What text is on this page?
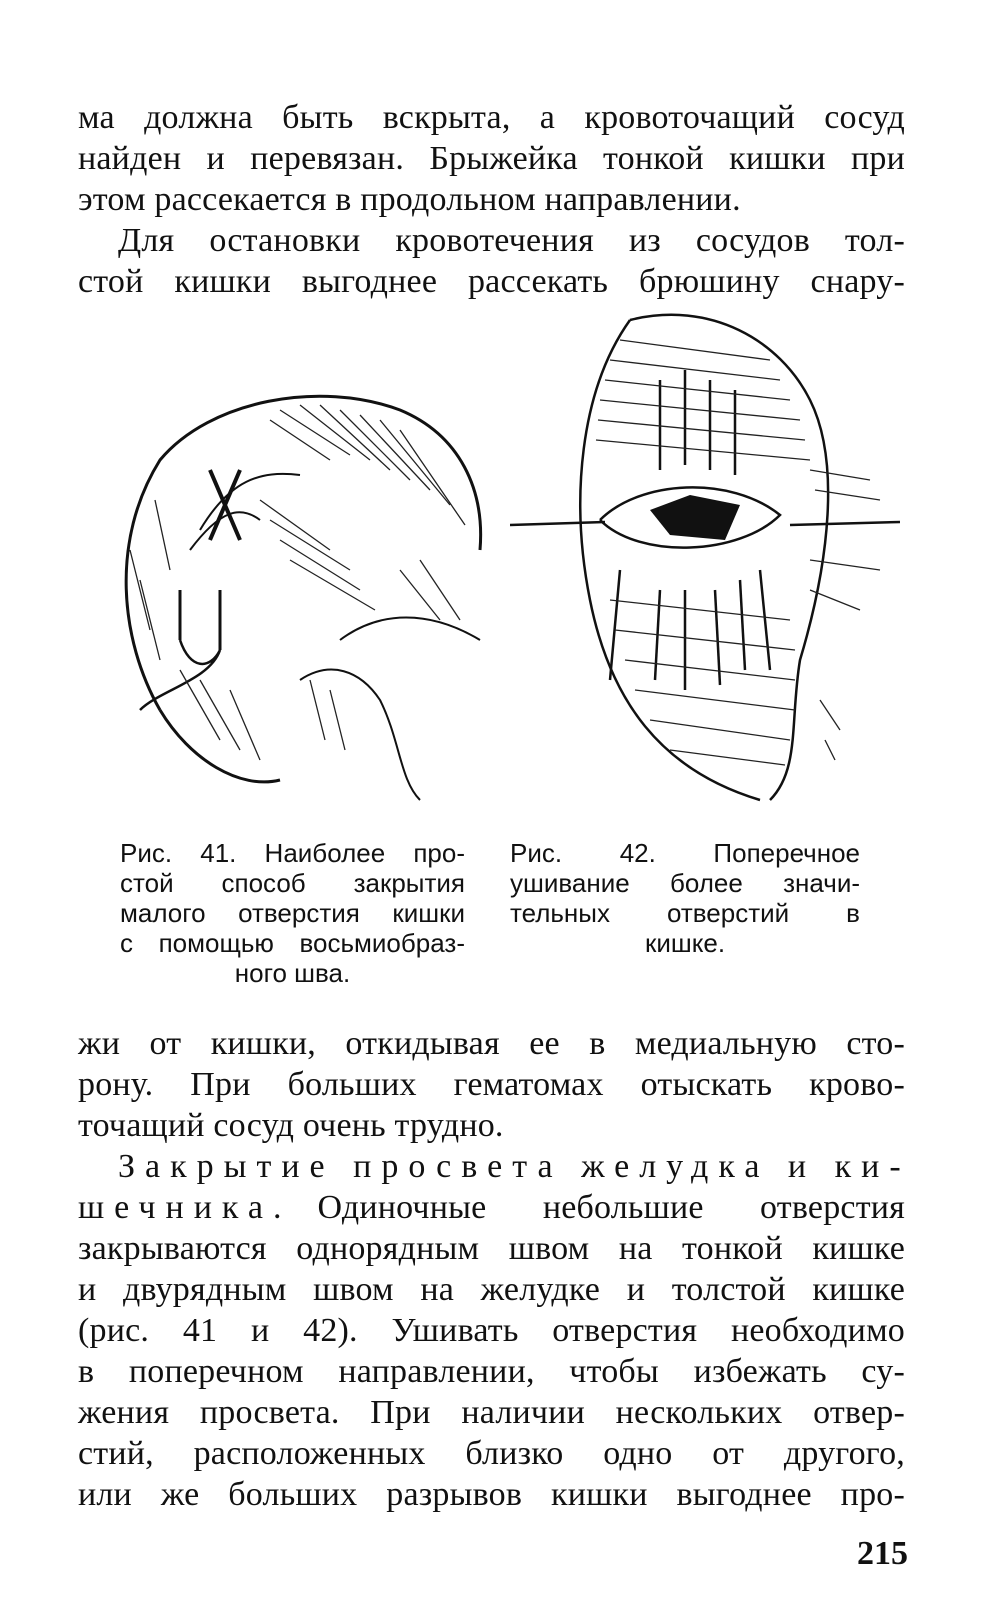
ма должна быть вскрыта, а кровоточащий сосуд
найден и перевязан. Брыжейка тонкой кишки при
этом рассекается в продольном направлении.
Для остановки кровотечения из сосудов тол-
стой кишки выгоднее рассекать брюшину снару-
Рис. 41. Наиболее про-
стой способ закрытия
малого отверстия кишки
с помощью восьмиобраз-
ного шва.
Рис. 42. Поперечное
ушивание более значи-
тельных отверстий в
кишке.
жи от кишки, откидывая ее в медиальную сто-
рону. При больших гематомах отыскать крово-
точащий сосуд очень трудно.
Закрытие просвета желудка и ки-
шечника. Одиночные небольшие отверстия
закрываются однорядным швом на тонкой кишке
и двурядным швом на желудке и толстой кишке
(рис. 41 и 42). Ушивать отверстия необходимо
в поперечном направлении, чтобы избежать су-
жения просвета. При наличии нескольких отвер-
стий, расположенных близко одно от другого,
или же больших разрывов кишки выгоднее про-
215
